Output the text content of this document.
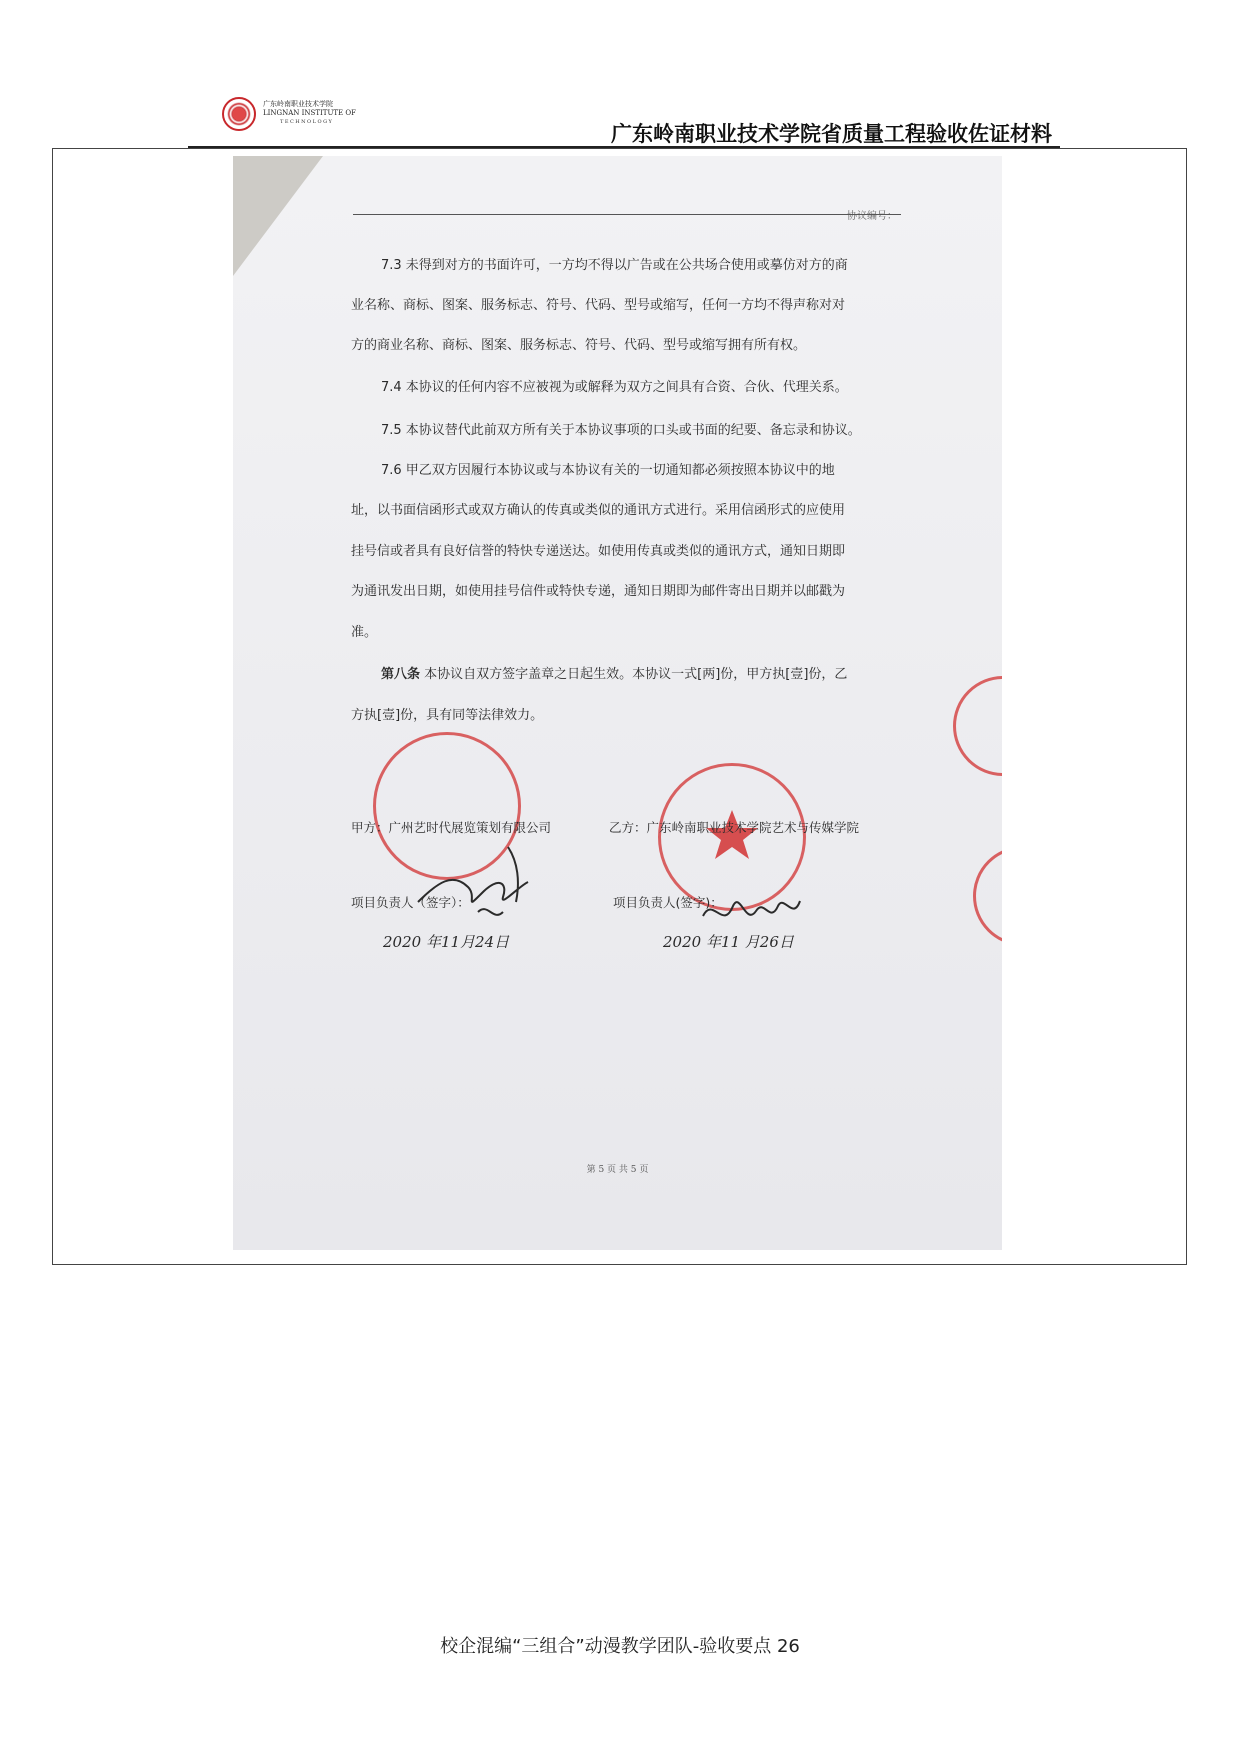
广东岭南职业技术学院
LINGNAN INSTITUTE OF
TECHNOLOGY	广东岭南职业技术学院省质量工程验收佐证材料
协议编号：
7.3 未得到对方的书面许可，一方均不得以广告或在公共场合使用或摹仿对方的商
业名称、商标、图案、服务标志、符号、代码、型号或缩写，任何一方均不得声称对对
方的商业名称、商标、图案、服务标志、符号、代码、型号或缩写拥有所有权。
7.4 本协议的任何内容不应被视为或解释为双方之间具有合资、合伙、代理关系。
7.5 本协议替代此前双方所有关于本协议事项的口头或书面的纪要、备忘录和协议。
7.6 甲乙双方因履行本协议或与本协议有关的一切通知都必须按照本协议中的地
址，以书面信函形式或双方确认的传真或类似的通讯方式进行。采用信函形式的应使用
挂号信或者具有良好信誉的特快专递送达。如使用传真或类似的通讯方式，通知日期即
为通讯发出日期，如使用挂号信件或特快专递，通知日期即为邮件寄出日期并以邮戳为
准。
第八条 本协议自双方签字盖章之日起生效。本协议一式[两]份，甲方执[壹]份，乙
方执[壹]份，具有同等法律效力。
甲方：广州艺时代展览策划有限公司	乙方：广东岭南职业技术学院艺术与传媒学院
项目负责人（签字）：	项目负责人(签字)：
2020 年11月24日	2020 年11 月26日
第 5 页 共 5 页
校企混编“三组合”动漫教学团队-验收要点 26
